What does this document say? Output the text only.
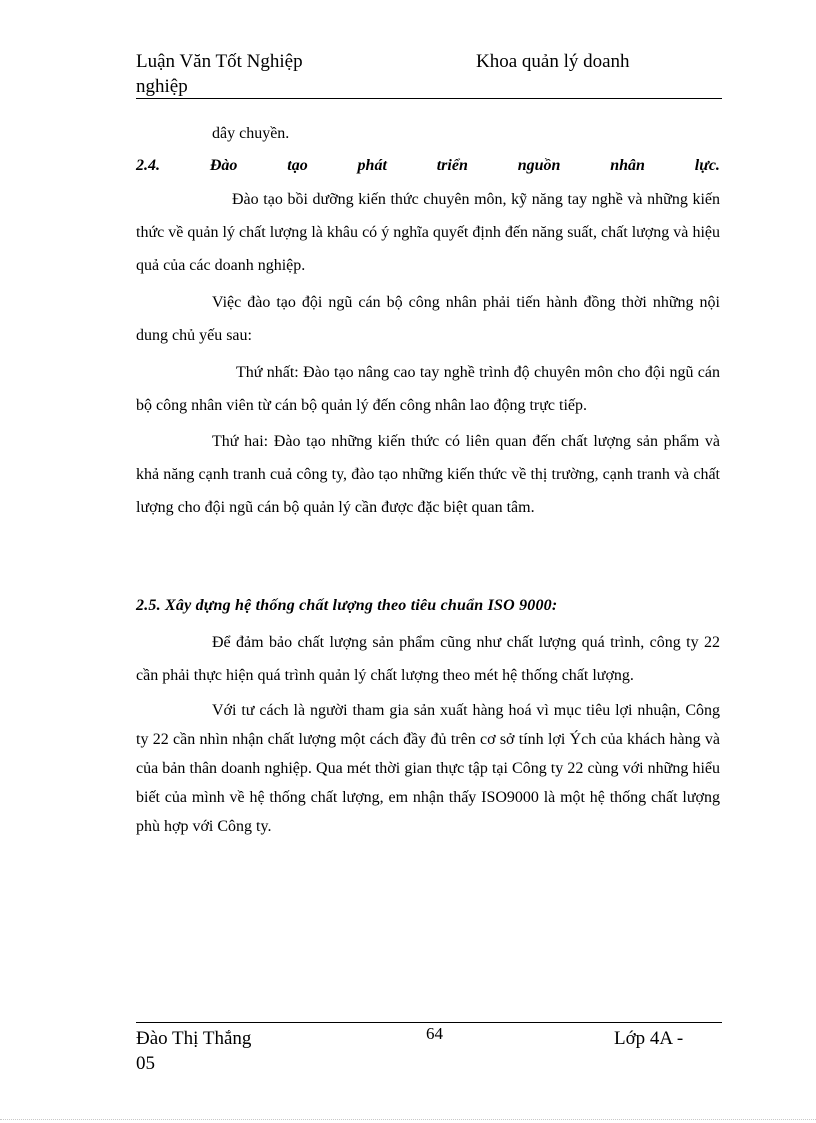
Luận Văn Tốt Nghiệp
nghiệp
Khoa quản lý doanh

dây chuyền.

2.4.	Đào	tạo	phát	triển	nguồn	nhân	lực.

Đào tạo bồi dưỡng kiến thức chuyên môn, kỹ năng tay nghề và những kiến thức về quản lý chất lượng là khâu có ý nghĩa quyết định đến năng suất, chất lượng và hiệu quả của các doanh nghiệp.

Việc đào tạo đội ngũ cán bộ công nhân phải tiến hành đồng thời những nội dung chủ yếu sau:

Thứ nhất: Đào tạo nâng cao tay nghề trình độ chuyên môn cho đội ngũ cán bộ công nhân viên từ cán bộ quản lý đến công nhân lao động trực tiếp.

Thứ hai: Đào tạo những kiến thức có liên quan đến chất lượng sản phẩm và khả năng cạnh tranh cuả công ty, đào tạo những kiến thức về thị trường, cạnh tranh và chất lượng cho đội ngũ cán bộ quản lý cần được đặc biệt quan tâm.

2.5. Xây dựng hệ thống chất lượng theo tiêu chuẩn ISO 9000:

Để đảm bảo chất lượng sản phẩm cũng như chất lượng quá trình, công ty 22 cần phải thực hiện quá trình quản lý chất lượng theo mét hệ thống chất lượng.

Với tư cách là người tham gia sản xuất hàng hoá vì mục tiêu lợi nhuận, Công ty 22 cần nhìn nhận chất lượng một cách đầy đủ trên cơ sở tính lợi Ých của khách hàng và của bản thân doanh nghiệp. Qua mét thời gian thực tập tại Công ty 22 cùng với những hiểu biết của mình về hệ thống chất lượng, em nhận thấy ISO9000 là một hệ thống chất lượng phù hợp với Công ty.

Đào Thị Thắng
05
64	Lớp 4A -
